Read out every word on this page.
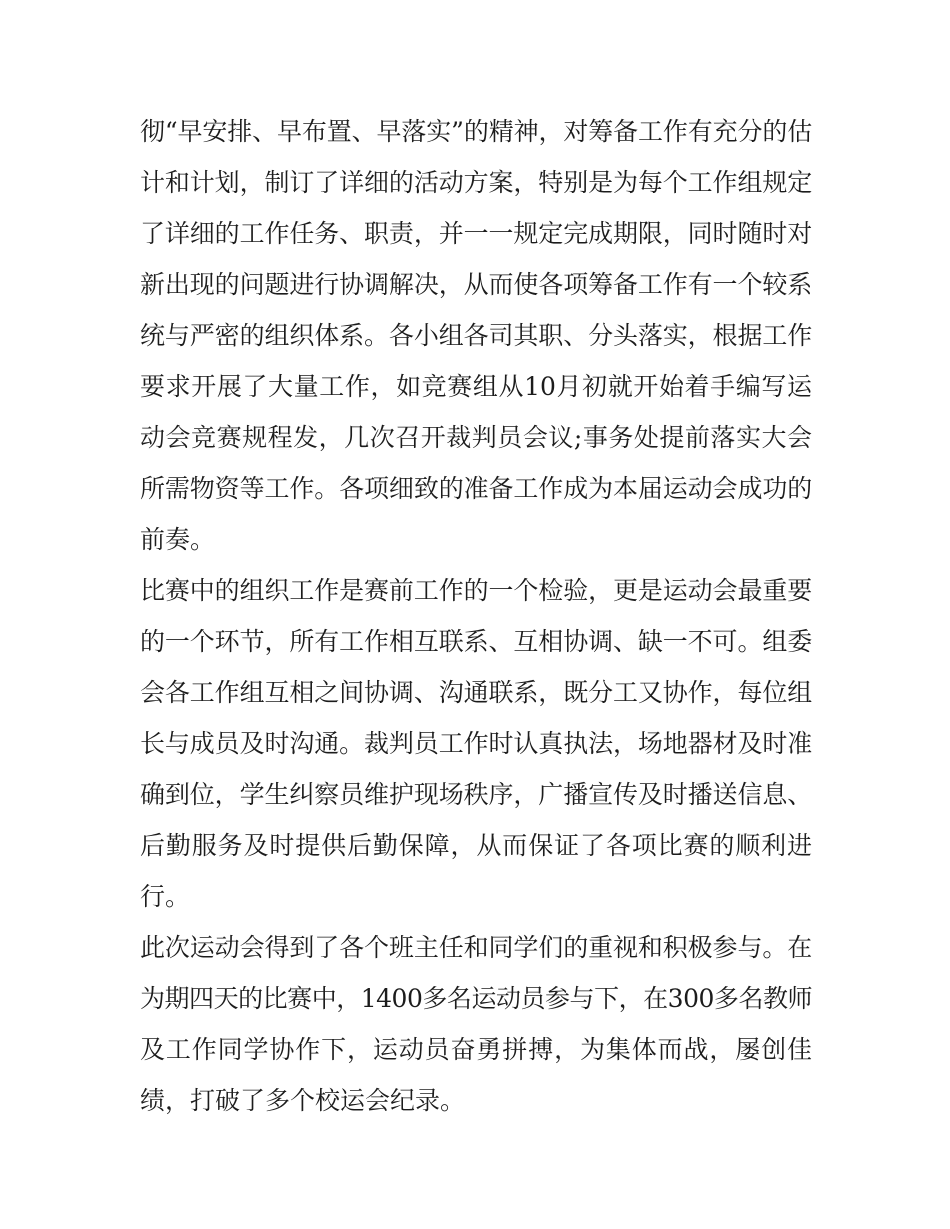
彻“早安排、早布置、早落实”的精神，对筹备工作有充分的估
计和计划，制订了详细的活动方案，特别是为每个工作组规定
了详细的工作任务、职责，并一一规定完成期限，同时随时对
新出现的问题进行协调解决，从而使各项筹备工作有一个较系
统与严密的组织体系。各小组各司其职、分头落实，根据工作
要求开展了大量工作，如竞赛组从10月初就开始着手编写运
动会竞赛规程发，几次召开裁判员会议;事务处提前落实大会
所需物资等工作。各项细致的准备工作成为本届运动会成功的
前奏。

比赛中的组织工作是赛前工作的一个检验，更是运动会最重要
的一个环节，所有工作相互联系、互相协调、缺一不可。组委
会各工作组互相之间协调、沟通联系，既分工又协作，每位组
长与成员及时沟通。裁判员工作时认真执法，场地器材及时准
确到位，学生纠察员维护现场秩序，广播宣传及时播送信息、
后勤服务及时提供后勤保障，从而保证了各项比赛的顺利进
行。

此次运动会得到了各个班主任和同学们的重视和积极参与。在
为期四天的比赛中，1400多名运动员参与下，在300多名教师
及工作同学协作下，运动员奋勇拼搏，为集体而战，屡创佳
绩，打破了多个校运会纪录。
